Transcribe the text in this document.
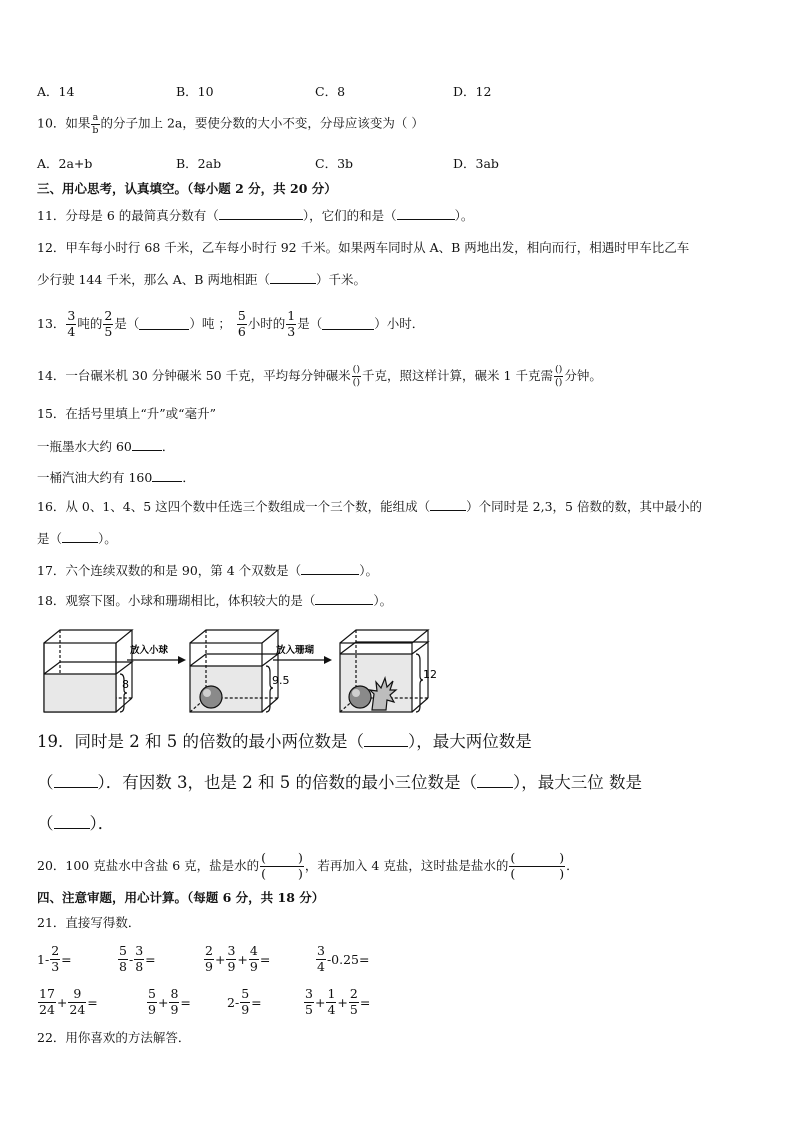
A．14	B．10	C．8	D．12
10．如果 $\frac{a}{b}$ 的分子加上 2a，要使分数的大小不变，分母应该变为（ ）
A．2a+b	B．2ab	C．3b	D．3ab
三、用心思考，认真填空。（每小题 2 分，共 20 分）
11．分母是 6 的最简真分数有（	），它们的和是（	）。
12．甲车每小时行 68 千米，乙车每小时行 92 千米。如果两车同时从 A、B 两地出发，相向而行，相遇时甲车比乙车
少行驶 144 千米，那么 A、B 两地相距（	）千米。
13．
3
4 吨的
2
5 是（	）吨 ；
5
6 小时的
1
3 是（	）小时．
14．一台碾米机 30 分钟碾米 50 千克，平均每分钟碾米 ()
() 千克，照这样计算，碾米 1 千克需 ()
() 分钟。
15．在括号里填上“升”或“毫升”
一瓶墨水大约 60 ．
一桶汽油大约有 160 ．
16．从 0、1、4、5 这四个数中任选三个数组成一个三个数，能组成（	）个同时是 2,3，5 倍数的数，其中最小的
是（	）。
17．六个连续双数的和是 90，第 4 个双数是（	）。
18．观察下图。小球和珊瑚相比，体积较大的是（	）。
8
放入小球
9.5
放入珊瑚
12
19．同时是 2 和 5 的倍数的最小两位数是（	），最大两位数是
（	）．有因数 3，也是 2 和 5 的倍数的最小三位数是（ ），最大三位 数是
（ ）．
20．100 克盐水中含盐 6 克，盐是水的
(	)
(	) ，若再加入 4 克盐，这时盐是盐水的
(	)
(	) ．
四、注意审题，用心计算。（每题 6 分，共 18 分）
21．直接写得数．
1-
2
3 =
5
8 -
3
8 =
2
9 +
3
9 +
4
9 =
3
4 -0.25=
17
24 +
9
24 =
5
9 +
8
9 =	2-
5
9 =
3
5 +
1
4 +
2
5 =
22．用你喜欢的方法解答．
